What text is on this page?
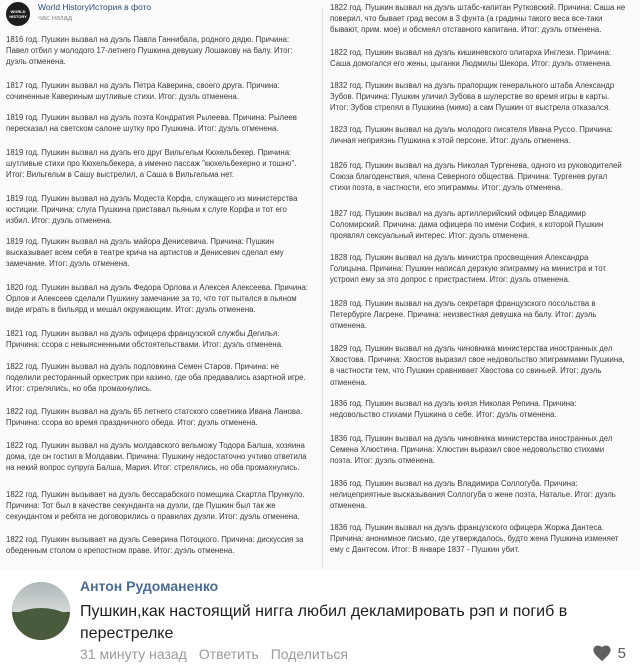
WORLD HISTORY
World HistoryИстория в фото
час назад
1816 год. Пушкин вызвал на дуэль Павла Ганнибала, родного дядю. Причина: Павел отбил у молодого 17-летнего Пушкина девушку Лошакову на балу. Итог: дуэль отменена.
1817 год. Пушкин вызвал на дуэль Петра Каверина, своего друга. Причина: сочиненные Кавериным шутливые стихи. Итог: дуэль отменена.
1819 год. Пушкин вызвал на дуэль поэта Кондратия Рылеева. Причина: Рылеев пересказал на светском салоне шутку про Пушкина. Итог: дуэль отменена.
1819 год. Пушкин вызвал на дуэль его друг Вильгельм Кюхельбекер. Причина: шутливые стихи про Кюхельбекера, а именно пассаж "кюхельбекерно и тошно". Итог: Вильгельм в Сашу выстрелил, а Саша в Вильгельма нет.
1819 год. Пушкин вызвал на дуэль Модеста Корфа, служащего из министерства юстиции. Причина: слуга Пушкина приставал пьяным к слуге Корфа и тот его избил. Итог: дуэль отменена.
1819 год. Пушкин вызвал на дуэль майора Денисевича. Причина: Пушкин высказывает всем себя в театре крича на артистов и Денисевич сделал ему замечание. Итог: дуэль отменена.
1820 год. Пушкин вызвал на дуэль Федора Орлова и Алексея Алексеева. Причина: Орлов и Алексеев сделали Пушкину замечание за то, что тот пытался в пьяном виде играть в бильярд и мешал окружающим. Итог: дуэль отменена.
1821 год. Пушкин вызвал на дуэль офицера французской службы Дегилья. Причина: ссора с невыясненными обстоятельствами. Итог: дуэль отменена.
1822 год. Пушкин вызвал на дуэль подловкина Семен Старов. Причина: не поделили ресторанный оркестрик при казино, где оба предавались азартной игре. Итог: стрелялись, но оба промахнулись.
1822 год. Пушкин вызвал на дуэль 65 летнего статского советника Ивана Ланова. Причина: ссора во время праздничного обеда. Итог: дуэль отменена.
1822 год. Пушкин вызвал на дуэль молдавского вельможу Тодора Балша, хозяина дома, где он гостил в Молдавии. Причина: Пушкину недостаточно учтиво ответила на некий вопрос супруга Балша, Мария. Итог: стрелялись, но оба промахнулись.
1822 год. Пушкин вызывает на дуэль бессарабского помещика Скартла Прункуло. Причина: Тот был в качестве секунданта на дуэли, где Пушкин был так же секундантом и ребята не договорились о правилах дуэли. Итог: дуэль отменена.
1822 год. Пушкин вызывает на дуэль Северина Потоцкого. Причина: дискуссия за обеденным столом о крепостном праве. Итог: дуэль отменена.
1822 год. Пушкин вызвал на дуэль штабс-капитан Рутковский. Причина: Саша не поверил, что бывает град весом в 3 фунта (а градины такого веса все-таки бывают, прим. мое) и обсмеял отставного капитана. Итог: дуэль отменена.
1822 год. Пушкин вызвал на дуэль кишиневского олигарха Инглези. Причина: Саша домогался его жены, цыганки Людмилы Шекора. Итог: дуэль отменена.
1832 год. Пушкин вызвал на дуэль прапорщик генерального штаба Александр Зубов. Причина: Пушкин уличил Зубова в шулерстве во время игры в карты. Итог: Зубов стрелял в Пушкина (мимо) а сам Пушкин от выстрела отказался.
1823 год. Пушкин вызвал на дуэль молодого писателя Ивана Руссо. Причина: личная неприязнь Пушкина к этой персоне. Итог: дуэль отменена.
1826 год. Пушкин вызвал на дуэль Николая Тургенева, одного из руководителей Союза благоденствия, члена Северного общества. Причина: Тургенев ругал стихи поэта, в частности, его эпиграммы. Итог: дуэль отменена.
1827 год. Пушкин вызвал на дуэль артиллерийский офицер Владимир Соломирский. Причина: дама офицера по имени София, к которой Пушкин проявлял сексуальный интерес. Итог: дуэль отменена.
1828 год. Пушкин вызвал на дуэль министра просвещения Александра Голицына. Причина: Пушкин написал дерзкую эпиграмму на министра и тот устроил ему за это допрос с пристрастием. Итог: дуэль отменена.
1828 год. Пушкин вызвал на дуэль секретаря французского посольства в Петербурге Лагрене. Причина: неизвестная девушка на балу. Итог: дуэль отменена.
1829 год. Пушкин вызвал на дуэль чиновника министерства иностранных дел Хвостова. Причина: Хвостов выразил свое недовольство эпиграммами Пушкина, в частности тем, что Пушкин сравнивает Хвостова со свиньей. Итог: дуэль отменена.
1836 год. Пушкин вызвал на дуэль князя Николая Репина. Причина: недовольство стихами Пушкина о себе. Итог: дуэль отменена.
1836 год. Пушкин вызвал на дуэль чиновника министерства иностранных дел Семена Хлюстина. Причина: Хлюстин выразил свое недовольство стихами поэта. Итог: дуэль отменена.
1836 год. Пушкин вызвал на дуэль Владимира Соллогуба. Причина: нелицеприятные высказывания Соллогуба о жене поэта, Наталье. Итог: дуэль отменена.
1836 год. Пушкин вызвал на дуэль французского офицера Жоржа Дантеса. Причина: анонимное письмо, где утверждалось, будто жена Пушкина изменяет ему с Дантесом. Итог: В январе 1837 - Пушкин убит.
Антон Рудоманенко
Пушкин,как настоящий нигга любил декламировать рэп и погиб в перестрелке
31 минуту назад Ответить Поделиться	5
